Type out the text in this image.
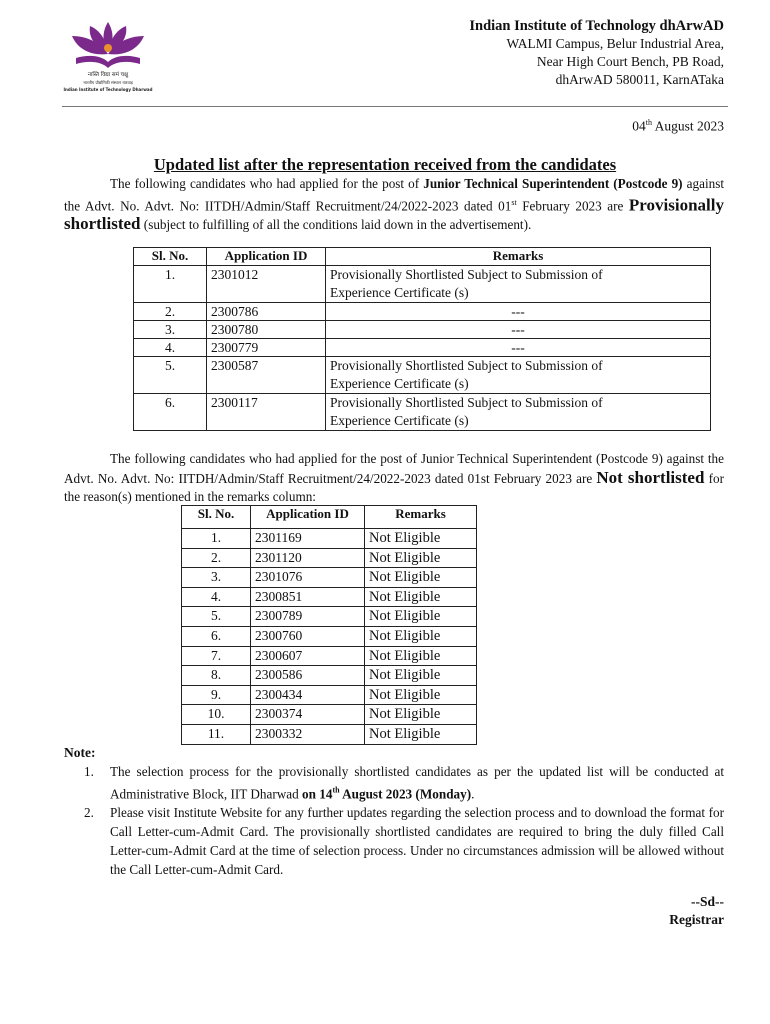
नास्ति विद्या समं चक्षु
भारतीय प्रौद्योगिकी संस्थान धारवाड़
Indian Institute of Technology Dharwad
Indian Institute of Technology dhArwAD
WALMI Campus, Belur Industrial Area,
Near High Court Bench, PB Road,
dhArwAD 580011, KarnATaka
04th August 2023
Updated list after the representation received from the candidates
The following candidates who had applied for the post of Junior Technical Superintendent (Postcode 9) against the Advt. No. Advt. No: IITDH/Admin/Staff Recruitment/24/2022-2023 dated 01st February 2023 are Provisionally shortlisted (subject to fulfilling of all the conditions laid down in the advertisement).
Sl. No.	Application ID	Remarks
1.	2301012	Provisionally Shortlisted Subject to Submission of
Experience Certificate (s)

2.	2300786	---
3.	2300780	---
4.	2300779	---
5.	2300587	Provisionally Shortlisted Subject to Submission of
Experience Certificate (s)

6.	2300117	Provisionally Shortlisted Subject to Submission of
Experience Certificate (s)
The following candidates who had applied for the post of Junior Technical Superintendent (Postcode 9) against the Advt. No. Advt. No: IITDH/Admin/Staff Recruitment/24/2022-2023 dated 01st February 2023 are Not shortlisted for the reason(s) mentioned in the remarks column:
Sl. No.	Application ID	Remarks
1.	2301169	Not Eligible
2.	2301120	Not Eligible
3.	2301076	Not Eligible
4.	2300851	Not Eligible
5.	2300789	Not Eligible
6.	2300760	Not Eligible
7.	2300607	Not Eligible
8.	2300586	Not Eligible
9.	2300434	Not Eligible
10.	2300374	Not Eligible
11.	2300332	Not Eligible
Note:
1. The selection process for the provisionally shortlisted candidates as per the updated list will be conducted at Administrative Block, IIT Dharwad on 14th August 2023 (Monday).
2. Please visit Institute Website for any further updates regarding the selection process and to download the format for Call Letter-cum-Admit Card. The provisionally shortlisted candidates are required to bring the duly filled Call Letter-cum-Admit Card at the time of selection process. Under no circumstances admission will be allowed without the Call Letter-cum-Admit Card.
--Sd--
Registrar
